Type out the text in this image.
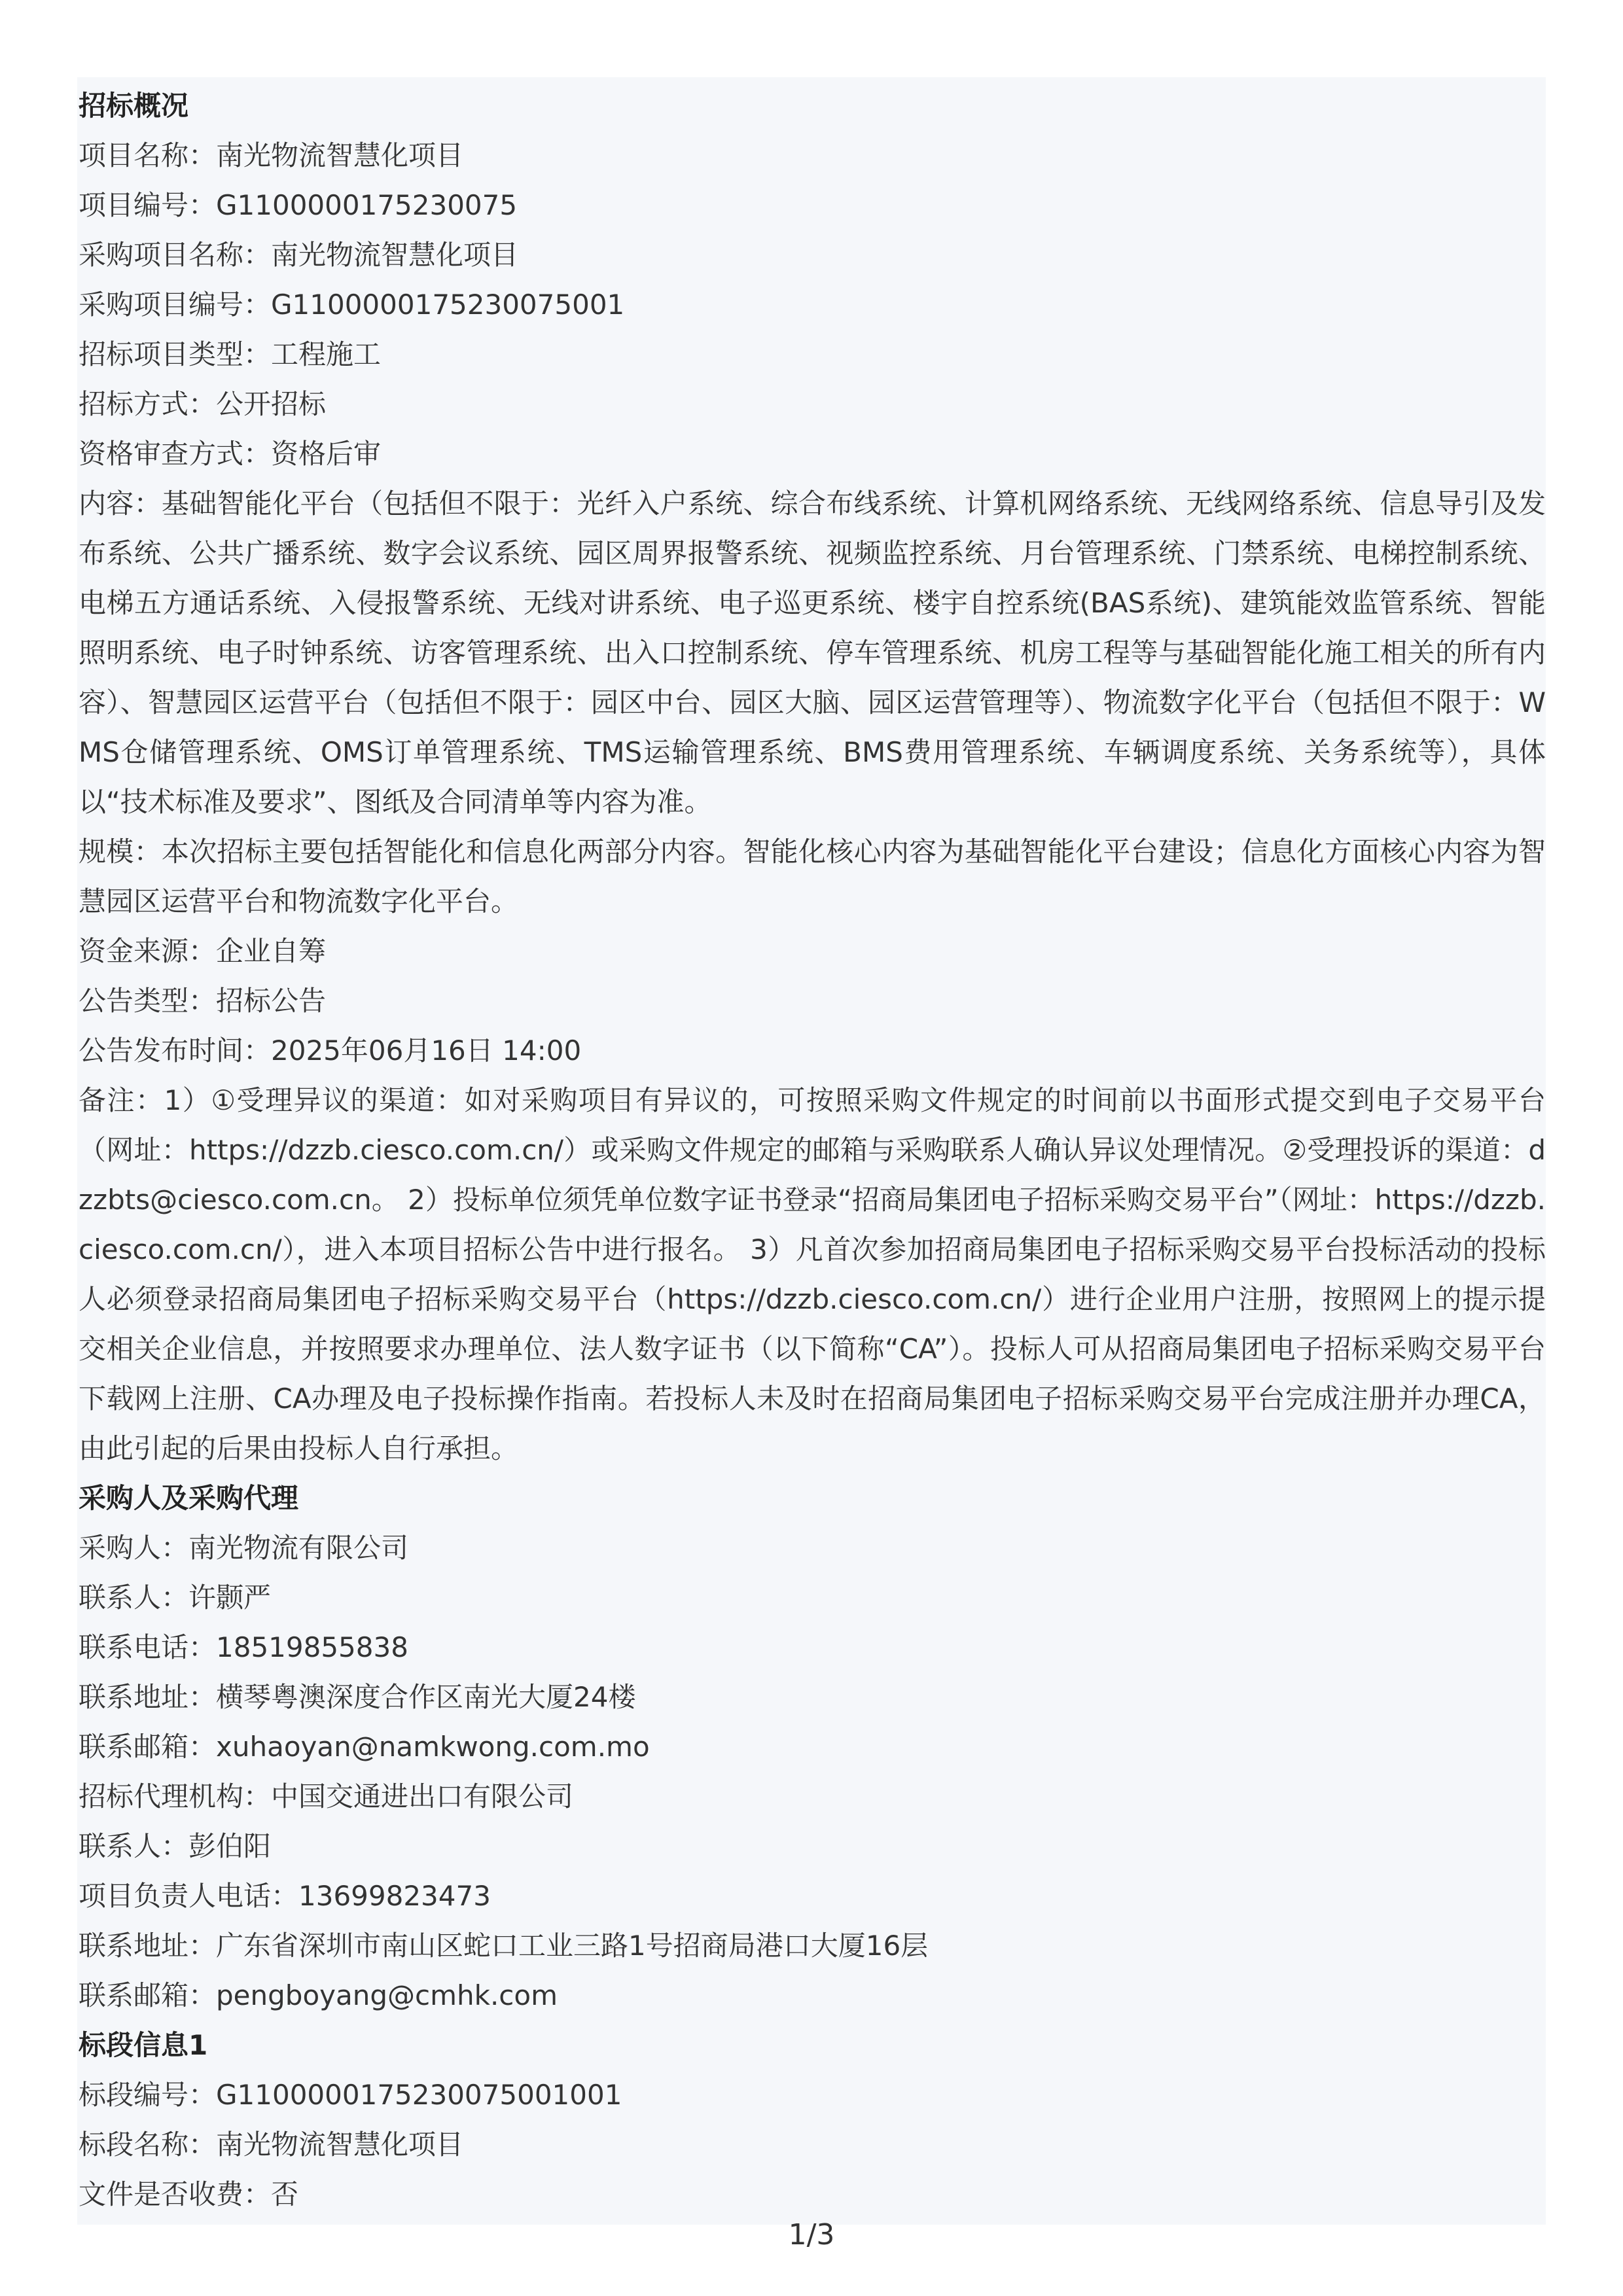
招标概况

项目名称：南光物流智慧化项目

项目编号：G1100000175230075

采购项目名称：南光物流智慧化项目

采购项目编号：G1100000175230075001

招标项目类型：工程施工

招标方式：公开招标

资格审查方式：资格后审

内容：基础智能化平台（包括但不限于：光纤入户系统、综合布线系统、计算机网络系统、无线网络系统、信息导引及发布系统、公共广播系统、数字会议系统、园区周界报警系统、视频监控系统、月台管理系统、门禁系统、电梯控制系统、电梯五方通话系统、入侵报警系统、无线对讲系统、电子巡更系统、楼宇自控系统(BAS系统)、建筑能效监管系统、智能照明系统、电子时钟系统、访客管理系统、出入口控制系统、停车管理系统、机房工程等与基础智能化施工相关的所有内容）、智慧园区运营平台（包括但不限于：园区中台、园区大脑、园区运营管理等）、物流数字化平台（包括但不限于：WMS仓储管理系统、OMS订单管理系统、TMS运输管理系统、BMS费用管理系统、车辆调度系统、关务系统等），具体以“技术标准及要求”、图纸及合同清单等内容为准。

规模：本次招标主要包括智能化和信息化两部分内容。智能化核心内容为基础智能化平台建设；信息化方面核心内容为智慧园区运营平台和物流数字化平台。

资金来源：企业自筹

公告类型：招标公告

公告发布时间：2025年06月16日 14:00

备注：1）①受理异议的渠道：如对采购项目有异议的，可按照采购文件规定的时间前以书面形式提交到电子交易平台（网址：https://dzzb.ciesco.com.cn/）或采购文件规定的邮箱与采购联系人确认异议处理情况。②受理投诉的渠道：dzzbts@ciesco.com.cn。 2）投标单位须凭单位数字证书登录“招商局集团电子招标采购交易平台”（网址：https://dzzb.ciesco.com.cn/），进入本项目招标公告中进行报名。 3）凡首次参加招商局集团电子招标采购交易平台投标活动的投标人必须登录招商局集团电子招标采购交易平台（https://dzzb.ciesco.com.cn/）进行企业用户注册，按照网上的提示提交相关企业信息，并按照要求办理单位、法人数字证书（以下简称“CA”）。投标人可从招商局集团电子招标采购交易平台下载网上注册、CA办理及电子投标操作指南。若投标人未及时在招商局集团电子招标采购交易平台完成注册并办理CA，由此引起的后果由投标人自行承担。

采购人及采购代理

采购人：南光物流有限公司

联系人：许颢严

联系电话：18519855838

联系地址：横琴粤澳深度合作区南光大厦24楼

联系邮箱：xuhaoyan@namkwong.com.mo

招标代理机构：中国交通进出口有限公司

联系人：彭伯阳

项目负责人电话：13699823473

联系地址：广东省深圳市南山区蛇口工业三路1号招商局港口大厦16层

联系邮箱：pengboyang@cmhk.com

标段信息1

标段编号：G1100000175230075001001

标段名称：南光物流智慧化项目

文件是否收费：否

1/3
